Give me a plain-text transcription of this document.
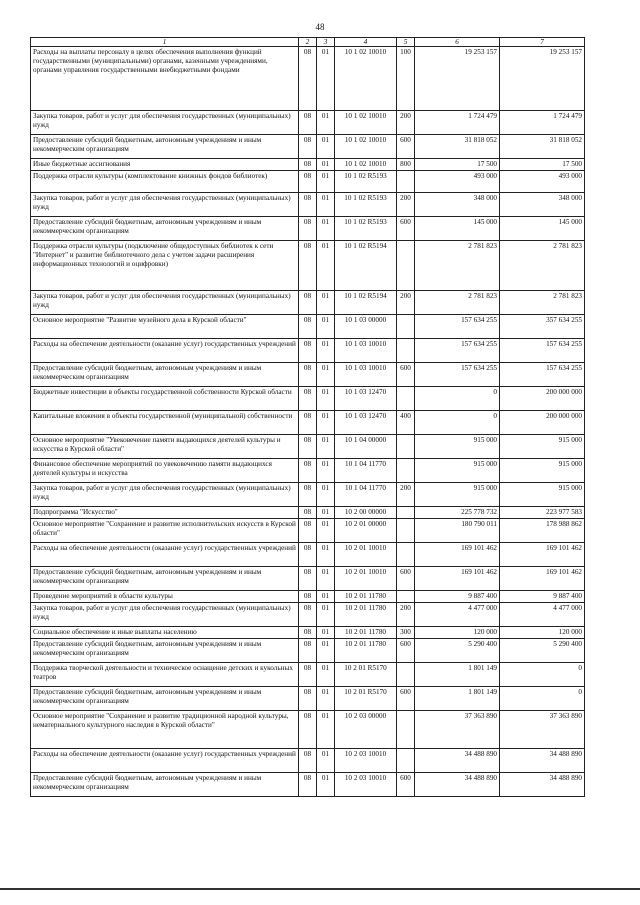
48
1	2	3	4	5	6	7
Расходы на выплаты персоналу в целях обеспечения выполнения функций государственными (муниципальными) органами, казенными учреждениями, органами управления государственными внебюджетными фондами	08	01	10 1 02 10010	100	19 253 157	19 253 157
Закупка товаров, работ и услуг для обеспечения государственных (муниципальных) нужд	08	01	10 1 02 10010	200	1 724 479	1 724 479
Предоставление субсидий бюджетным, автономным учреждениям и иным некоммерческим организациям	08	01	10 1 02 10010	600	31 818 052	31 818 052
Иные бюджетные ассигнования	08	01	10 1 02 10010	800	17 500	17 500
Поддержка отрасли культуры (комплектование книжных фондов библиотек)	08	01	10 1 02 R5193		493 000	493 000
Закупка товаров, работ и услуг для обеспечения государственных (муниципальных) нужд	08	01	10 1 02 R5193	200	348 000	348 000
Предоставление субсидий бюджетным, автономным учреждениям и иным некоммерческим организациям	08	01	10 1 02 R5193	600	145 000	145 000
Поддержка отрасли культуры (подключение общедоступных библиотек к сети "Интернет" и развитие библиотечного дела с учетом задачи расширения информационных технологий и оцифровки)	08	01	10 1 02 R5194		2 781 823	2 781 823
Закупка товаров, работ и услуг для обеспечения государственных (муниципальных) нужд	08	01	10 1 02 R5194	200	2 781 823	2 781 823
Основное мероприятие "Развитие музейного дела в Курской области"	08	01	10 1 03 00000		157 634 255	357 634 255
Расходы на обеспечение деятельности (оказание услуг) государственных учреждений	08	01	10 1 03 10010		157 634 255	157 634 255
Предоставление субсидий бюджетным, автономным учреждениям и иным некоммерческим организациям	08	01	10 1 03 10010	600	157 634 255	157 634 255
Бюджетные инвестиции в объекты государственной собственности Курской области	08	01	10 1 03 12470		0	200 000 000
Капитальные вложения в объекты государственной (муниципальной) собственности	08	01	10 1 03 12470	400	0	200 000 000
Основное мероприятие "Увековечение памяти выдающихся деятелей культуры и искусства в Курской области"	08	01	10 1 04 00000		915 000	915 000
Финансовое обеспечение мероприятий по увековечению памяти выдающихся деятелей культуры и искусства	08	01	10 1 04 11770		915 000	915 000
Закупка товаров, работ и услуг для обеспечения государственных (муниципальных) нужд	08	01	10 1 04 11770	200	915 000	915 000
Подпрограмма "Искусство"	08	01	10 2 00 00000		225 778 732	223 977 583
Основное мероприятие "Сохранение и развитие исполнительских искусств в Курской области"	08	01	10 2 01 00000		180 790 011	178 988 862
Расходы на обеспечение деятельности (оказание услуг) государственных учреждений	08	01	10 2 01 10010		169 101 462	169 101 462
Предоставление субсидий бюджетным, автономным учреждениям и иным некоммерческим организациям	08	01	10 2 01 10010	600	169 101 462	169 101 462
Проведение мероприятий в области культуры	08	01	10 2 01 11780		9 887 400	9 887 400
Закупка товаров, работ и услуг для обеспечения государственных (муниципальных) нужд	08	01	10 2 01 11780	200	4 477 000	4 477 000
Социальное обеспечение и иные выплаты населению	08	01	10 2 01 11780	300	120 000	120 000
Предоставление субсидий бюджетным, автономным учреждениям и иным некоммерческим организациям	08	01	10 2 01 11780	600	5 290 400	5 290 400
Поддержка творческой деятельности и техническое оснащение детских и кукольных театров	08	01	10 2 01 R5170		1 801 149	0
Предоставление субсидий бюджетным, автономным учреждениям и иным некоммерческим организациям	08	01	10 2 01 R5170	600	1 801 149	0
Основное мероприятие "Сохранение и развитие традиционной народной культуры, нематериального культурного наследия в Курской области"	08	01	10 2 03 00000		37 363 890	37 363 890
Расходы на обеспечение деятельности (оказание услуг) государственных учреждений	08	01	10 2 03 10010		34 488 890	34 488 890
Предоставление субсидий бюджетным, автономным учреждениям и иным некоммерческим организациям	08	01	10 2 03 10010	600	34 488 890	34 488 890
